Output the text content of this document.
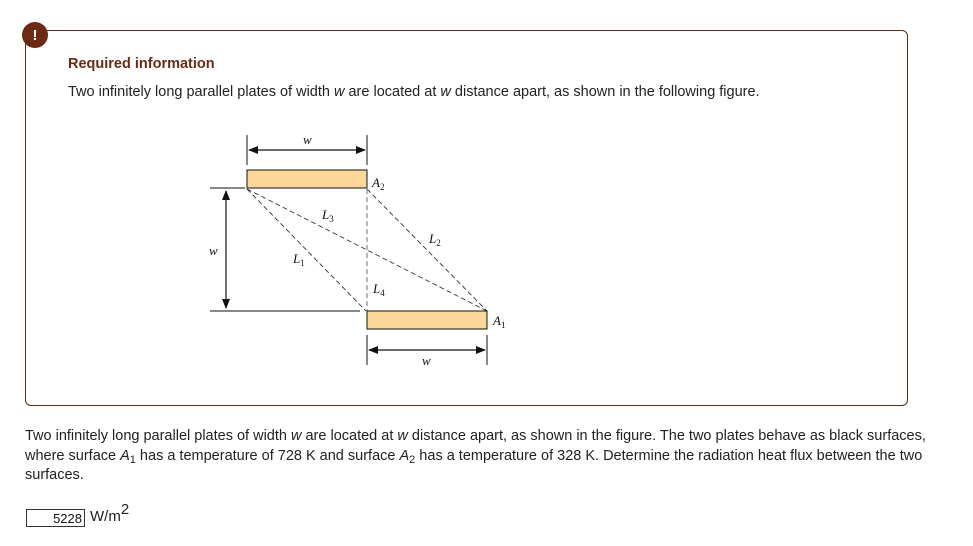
!
Required information
Two infinitely long parallel plates of width w are located at w distance apart, as shown in the following figure.
w
$A_2$
w
$L_1$
$L_3$
$L_2$
$L_4$
$A_1$
w
Two infinitely long parallel plates of width w are located at w distance apart, as shown in the figure. The two plates behave as black surfaces, where surface $A_1$ has a temperature of 728 K and surface $A_2$ has a temperature of 328 K. Determine the radiation heat flux between the two surfaces.
5228
$W/m^2$
